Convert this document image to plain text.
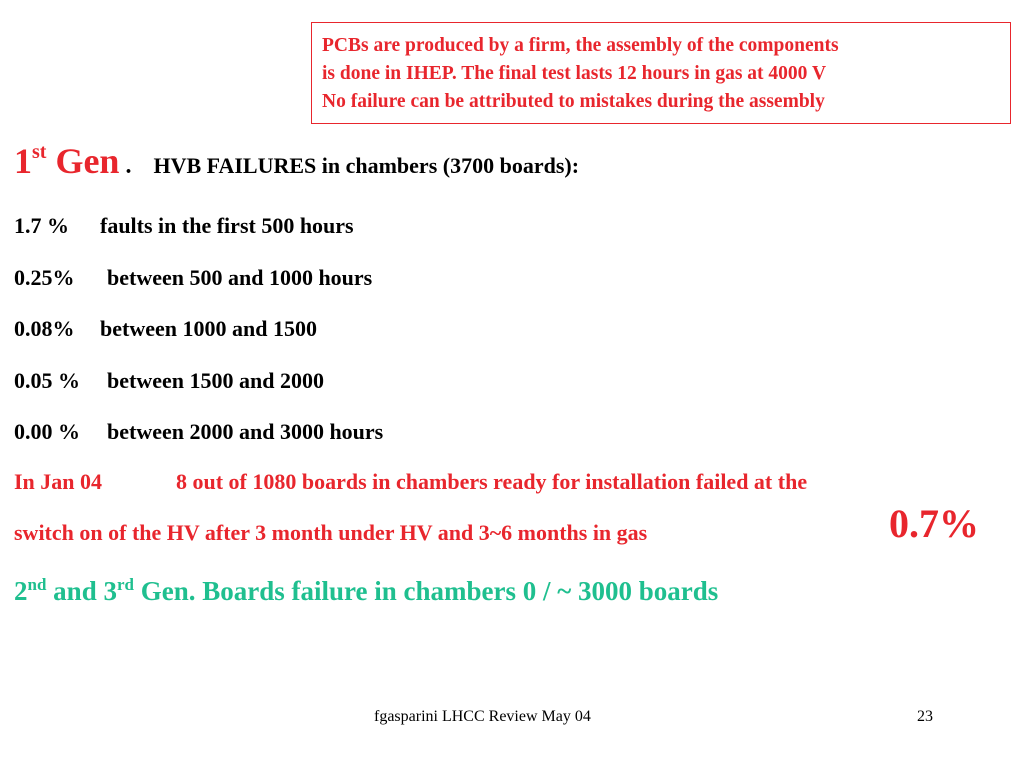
PCBs are produced by a firm, the assembly of the components
is done in IHEP. The final test lasts 12 hours in gas at 4000 V
No failure can be attributed to mistakes during the assembly
1st Gen . HVB FAILURES in chambers (3700 boards):
1.7 % faults in the first 500 hours
0.25% between 500 and 1000 hours
0.08% between 1000 and 1500
0.05 % between 1500 and 2000
0.00 % between 2000 and 3000 hours
In Jan 04	8 out of 1080 boards in chambers ready for installation failed at the
switch on of the HV after 3 month under HV and 3~6 months in gas	0.7%
2nd and 3rd Gen. Boards failure in chambers 0 / ~ 3000 boards
fgasparini LHCC Review May 04	23
